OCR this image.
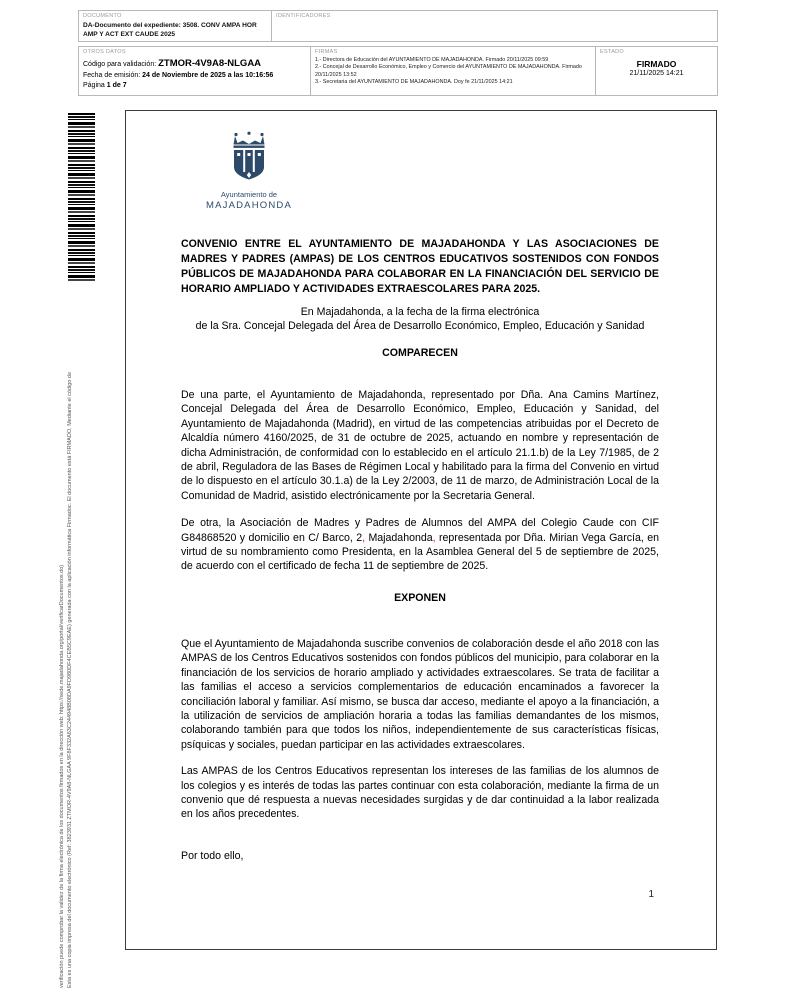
DOCUMENTO
DA-Documento del expediente: 3508. CONV AMPA HOR AMP Y ACT EXT CAUDE 2025
IDENTIFICADORES
OTROS DATOS
Código para validación: ZTMOR-4V9A8-NLGAA
Fecha de emisión: 24 de Noviembre de 2025 a las 10:16:56
Página 1 de 7
FIRMAS
1.- Directora de Educación del AYUNTAMIENTO DE MAJADAHONDA. Firmado 20/11/2025 09:59
2.- Concejal de Desarrollo Económico, Empleo y Comercio del AYUNTAMIENTO DE MAJADAHONDA. Firmado 20/11/2025 13:52
3.- Secretaria del AYUNTAMIENTO DE MAJADAHONDA. Doy fe 21/11/2025 14:21
ESTADO
FIRMADO
21/11/2025 14:21
Esta es una copia impresa del documento electrónico (Ref: 3823931 ZTMOR-4V9A8-NLGAA 9F8F332A63C244948B08DA9FD980DF4CEB5C9EAE) generada con la aplicación informática Firmadoc. El documento está FIRMADO. Mediante el código de
verificación puede comprobar la validez de la firma electrónica de los documentos firmados en la dirección web: https://sede.majadahonda.org/portal/verificarDocumentos.do)
Ayuntamiento de
MAJADAHONDA
CONVENIO ENTRE EL AYUNTAMIENTO DE MAJADAHONDA Y LAS ASOCIACIONES DE MADRES Y PADRES (AMPAS) DE LOS CENTROS EDUCATIVOS SOSTENIDOS CON FONDOS PÚBLICOS DE MAJADAHONDA PARA COLABORAR EN LA FINANCIACIÓN DEL SERVICIO DE HORARIO AMPLIADO Y ACTIVIDADES EXTRAESCOLARES PARA 2025.
En Majadahonda, a la fecha de la firma electrónica
de la Sra. Concejal Delegada del Área de Desarrollo Económico, Empleo, Educación y Sanidad
COMPARECEN
De una parte, el Ayuntamiento de Majadahonda, representado por Dña. Ana Camins Martínez, Concejal Delegada del Área de Desarrollo Económico, Empleo, Educación y Sanidad, del Ayuntamiento de Majadahonda (Madrid), en virtud de las competencias atribuidas por el Decreto de Alcaldía número 4160/2025, de 31 de octubre de 2025, actuando en nombre y representación de dicha Administración, de conformidad con lo establecido en el artículo 21.1.b) de la Ley 7/1985, de 2 de abril, Reguladora de las Bases de Régimen Local y habilitado para la firma del Convenio en virtud de lo dispuesto en el artículo 30.1.a) de la Ley 2/2003, de 11 de marzo, de Administración Local de la Comunidad de Madrid, asistido electrónicamente por la Secretaria General.
De otra, la Asociación de Madres y Padres de Alumnos del AMPA del Colegio Caude con CIF G84868520 y domicilio en C/ Barco, 2, Majadahonda, representada por Dña. Mirian Vega García, en virtud de su nombramiento como Presidenta, en la Asamblea General del 5 de septiembre de 2025, de acuerdo con el certificado de fecha 11 de septiembre de 2025.
EXPONEN
Que el Ayuntamiento de Majadahonda suscribe convenios de colaboración desde el año 2018 con las AMPAS de los Centros Educativos sostenidos con fondos públicos del municipio, para colaborar en la financiación de los servicios de horario ampliado y actividades extraescolares. Se trata de facilitar a las familias el acceso a servicios complementarios de educación encaminados a favorecer la conciliación laboral y familiar. Así mismo, se busca dar acceso, mediante el apoyo a la financiación, a la utilización de servicios de ampliación horaria a todas las familias demandantes de los mismos, colaborando también para que todos los niños, independientemente de sus características físicas, psíquicas y sociales, puedan participar en las actividades extraescolares.
Las AMPAS de los Centros Educativos representan los intereses de las familias de los alumnos de los colegios y es interés de todas las partes continuar con esta colaboración, mediante la firma de un convenio que dé respuesta a nuevas necesidades surgidas y de dar continuidad a la labor realizada en los años precedentes.
Por todo ello,
1
